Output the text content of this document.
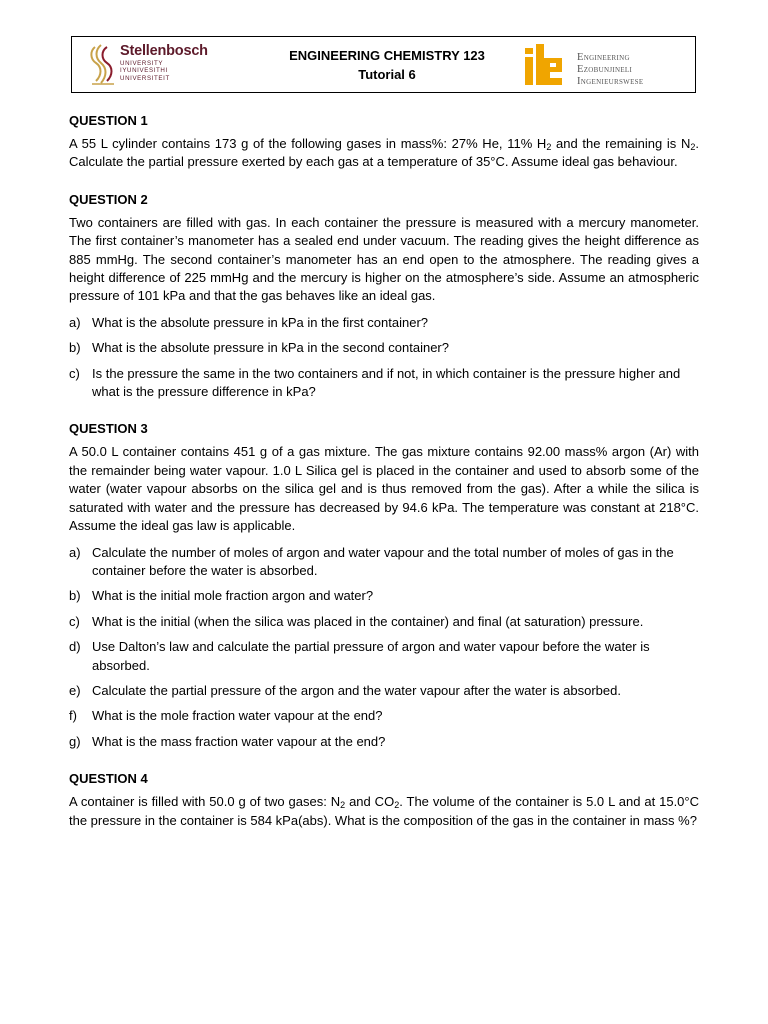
Stellenbosch
UNIVERSITY
IYUNIVESITHI
UNIVERSITEIT
ENGINEERING CHEMISTRY 123
Tutorial 6
Engineering
Ezobunjineli
Ingenieurswese
QUESTION 1

A 55 L cylinder contains 173 g of the following gases in mass%: 27% He, 11% $H_2$ and the remaining is $N_2$. Calculate the partial pressure exerted by each gas at a temperature of 35°C. Assume ideal gas behaviour.

QUESTION 2

Two containers are filled with gas. In each container the pressure is measured with a mercury manometer. The first container’s manometer has a sealed end under vacuum. The reading gives the height difference as 885 mmHg. The second container’s manometer has an end open to the atmosphere. The reading gives a height difference of 225 mmHg and the mercury is higher on the atmosphere’s side. Assume an atmospheric pressure of 101 kPa and that the gas behaves like an ideal gas.

a) What is the absolute pressure in kPa in the first container?
b) What is the absolute pressure in kPa in the second container?
c) Is the pressure the same in the two containers and if not, in which container is the pressure higher and what is the pressure difference in kPa?
QUESTION 3

A 50.0 L container contains 451 g of a gas mixture. The gas mixture contains 92.00 mass% argon (Ar) with the remainder being water vapour. 1.0 L Silica gel is placed in the container and used to absorb some of the water (water vapour absorbs on the silica gel and is thus removed from the gas). After a while the silica is saturated with water and the pressure has decreased by 94.6 kPa. The temperature was constant at 218°C. Assume the ideal gas law is applicable.

a) Calculate the number of moles of argon and water vapour and the total number of moles of gas in the container before the water is absorbed.
b) What is the initial mole fraction argon and water?
c) What is the initial (when the silica was placed in the container) and final (at saturation) pressure.
d) Use Dalton’s law and calculate the partial pressure of argon and water vapour before the water is absorbed.
e) Calculate the partial pressure of the argon and the water vapour after the water is absorbed.
f)	What is the mole fraction water vapour at the end?
g) What is the mass fraction water vapour at the end?
QUESTION 4

A container is filled with 50.0 g of two gases: $N_2$ and $CO_2$. The volume of the container is 5.0 L and at 15.0°C the pressure in the container is 584 kPa(abs). What is the composition of the gas in the container in mass %?
